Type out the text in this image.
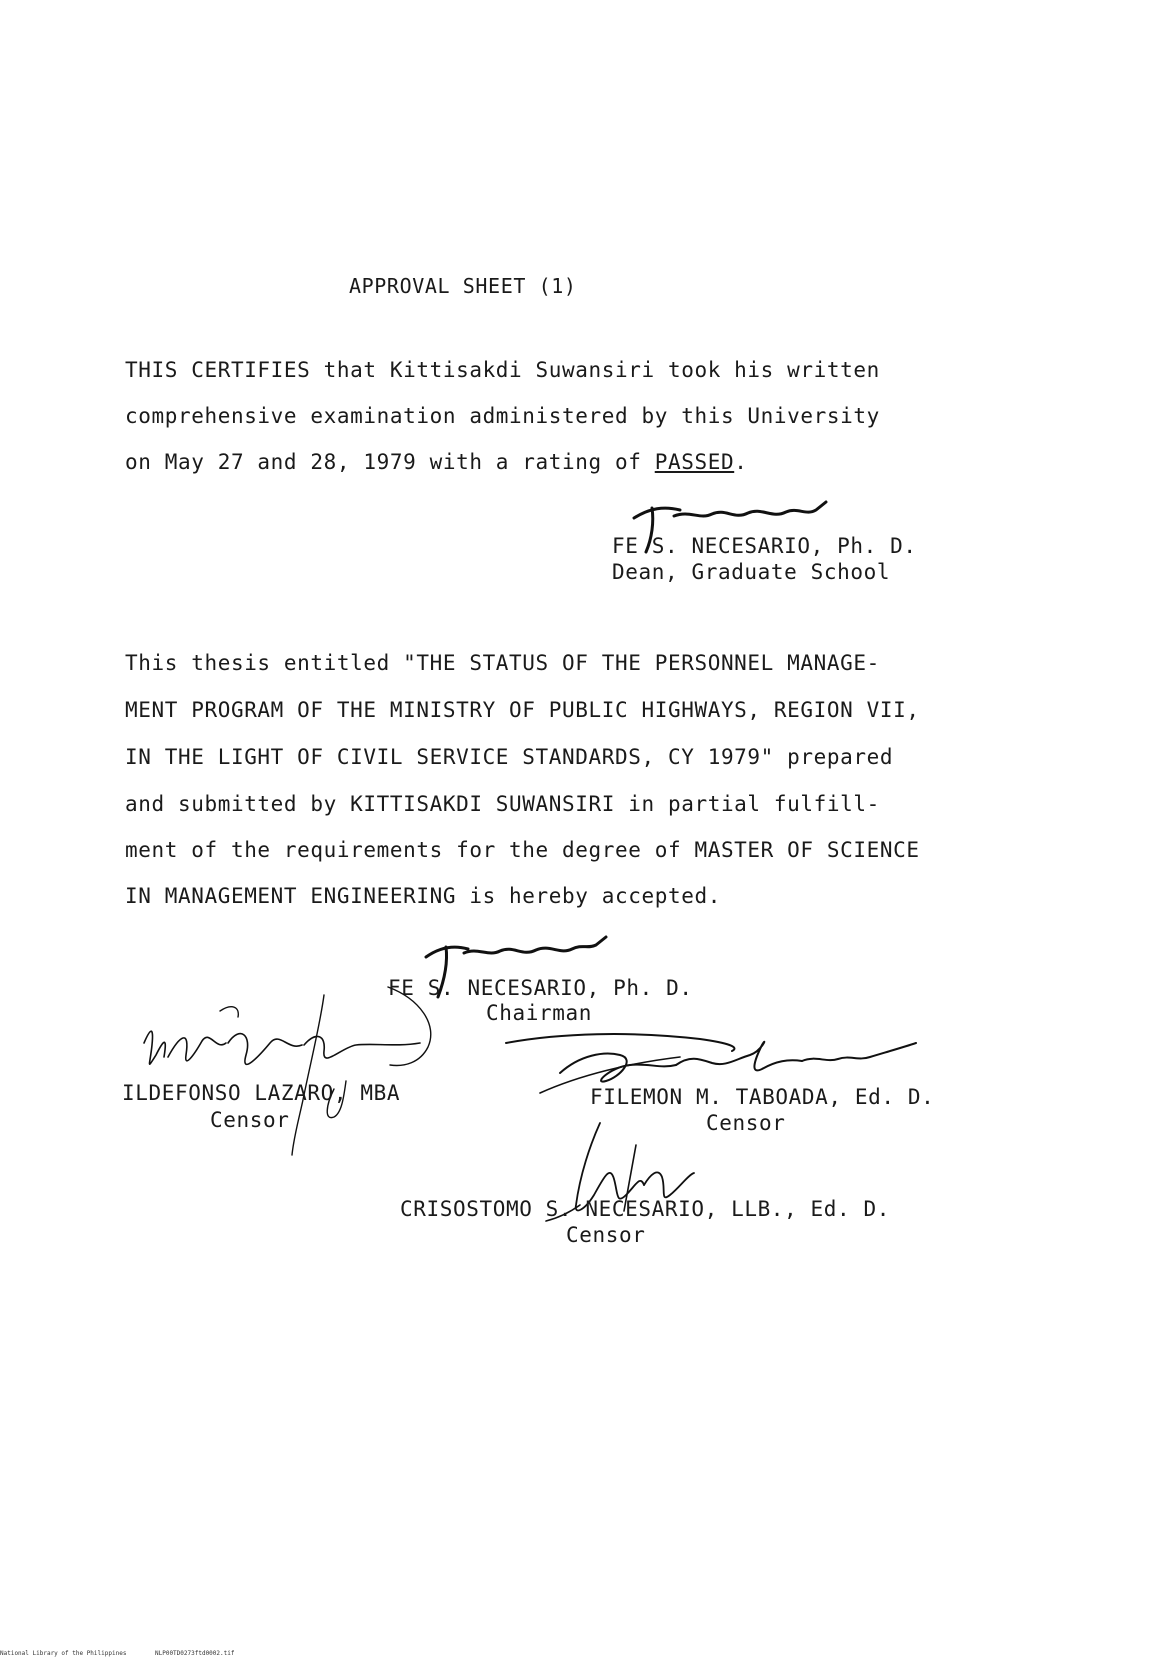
APPROVAL SHEET (1)
THIS CERTIFIES that Kittisakdi Suwansiri took his written
comprehensive examination administered by this University
on May 27 and 28, 1979 with a rating of PASSED.
FE S. NECESARIO, Ph. D.
Dean, Graduate School
This thesis entitled "THE STATUS OF THE PERSONNEL MANAGE-
MENT PROGRAM OF THE MINISTRY OF PUBLIC HIGHWAYS, REGION VII,
IN THE LIGHT OF CIVIL SERVICE STANDARDS, CY 1979" prepared
and submitted by KITTISAKDI SUWANSIRI in partial fulfill-
ment of the requirements for the degree of MASTER OF SCIENCE
IN MANAGEMENT ENGINEERING is hereby accepted.
FE S. NECESARIO, Ph. D.
Chairman
ILDEFONSO LAZARO, MBA
Censor
FILEMON M. TABOADA, Ed. D.
Censor
CRISOSTOMO S. NECESARIO, LLB., Ed. D.
Censor
National Library of the Philippines	NLP00TD0273ftd0002.tif
